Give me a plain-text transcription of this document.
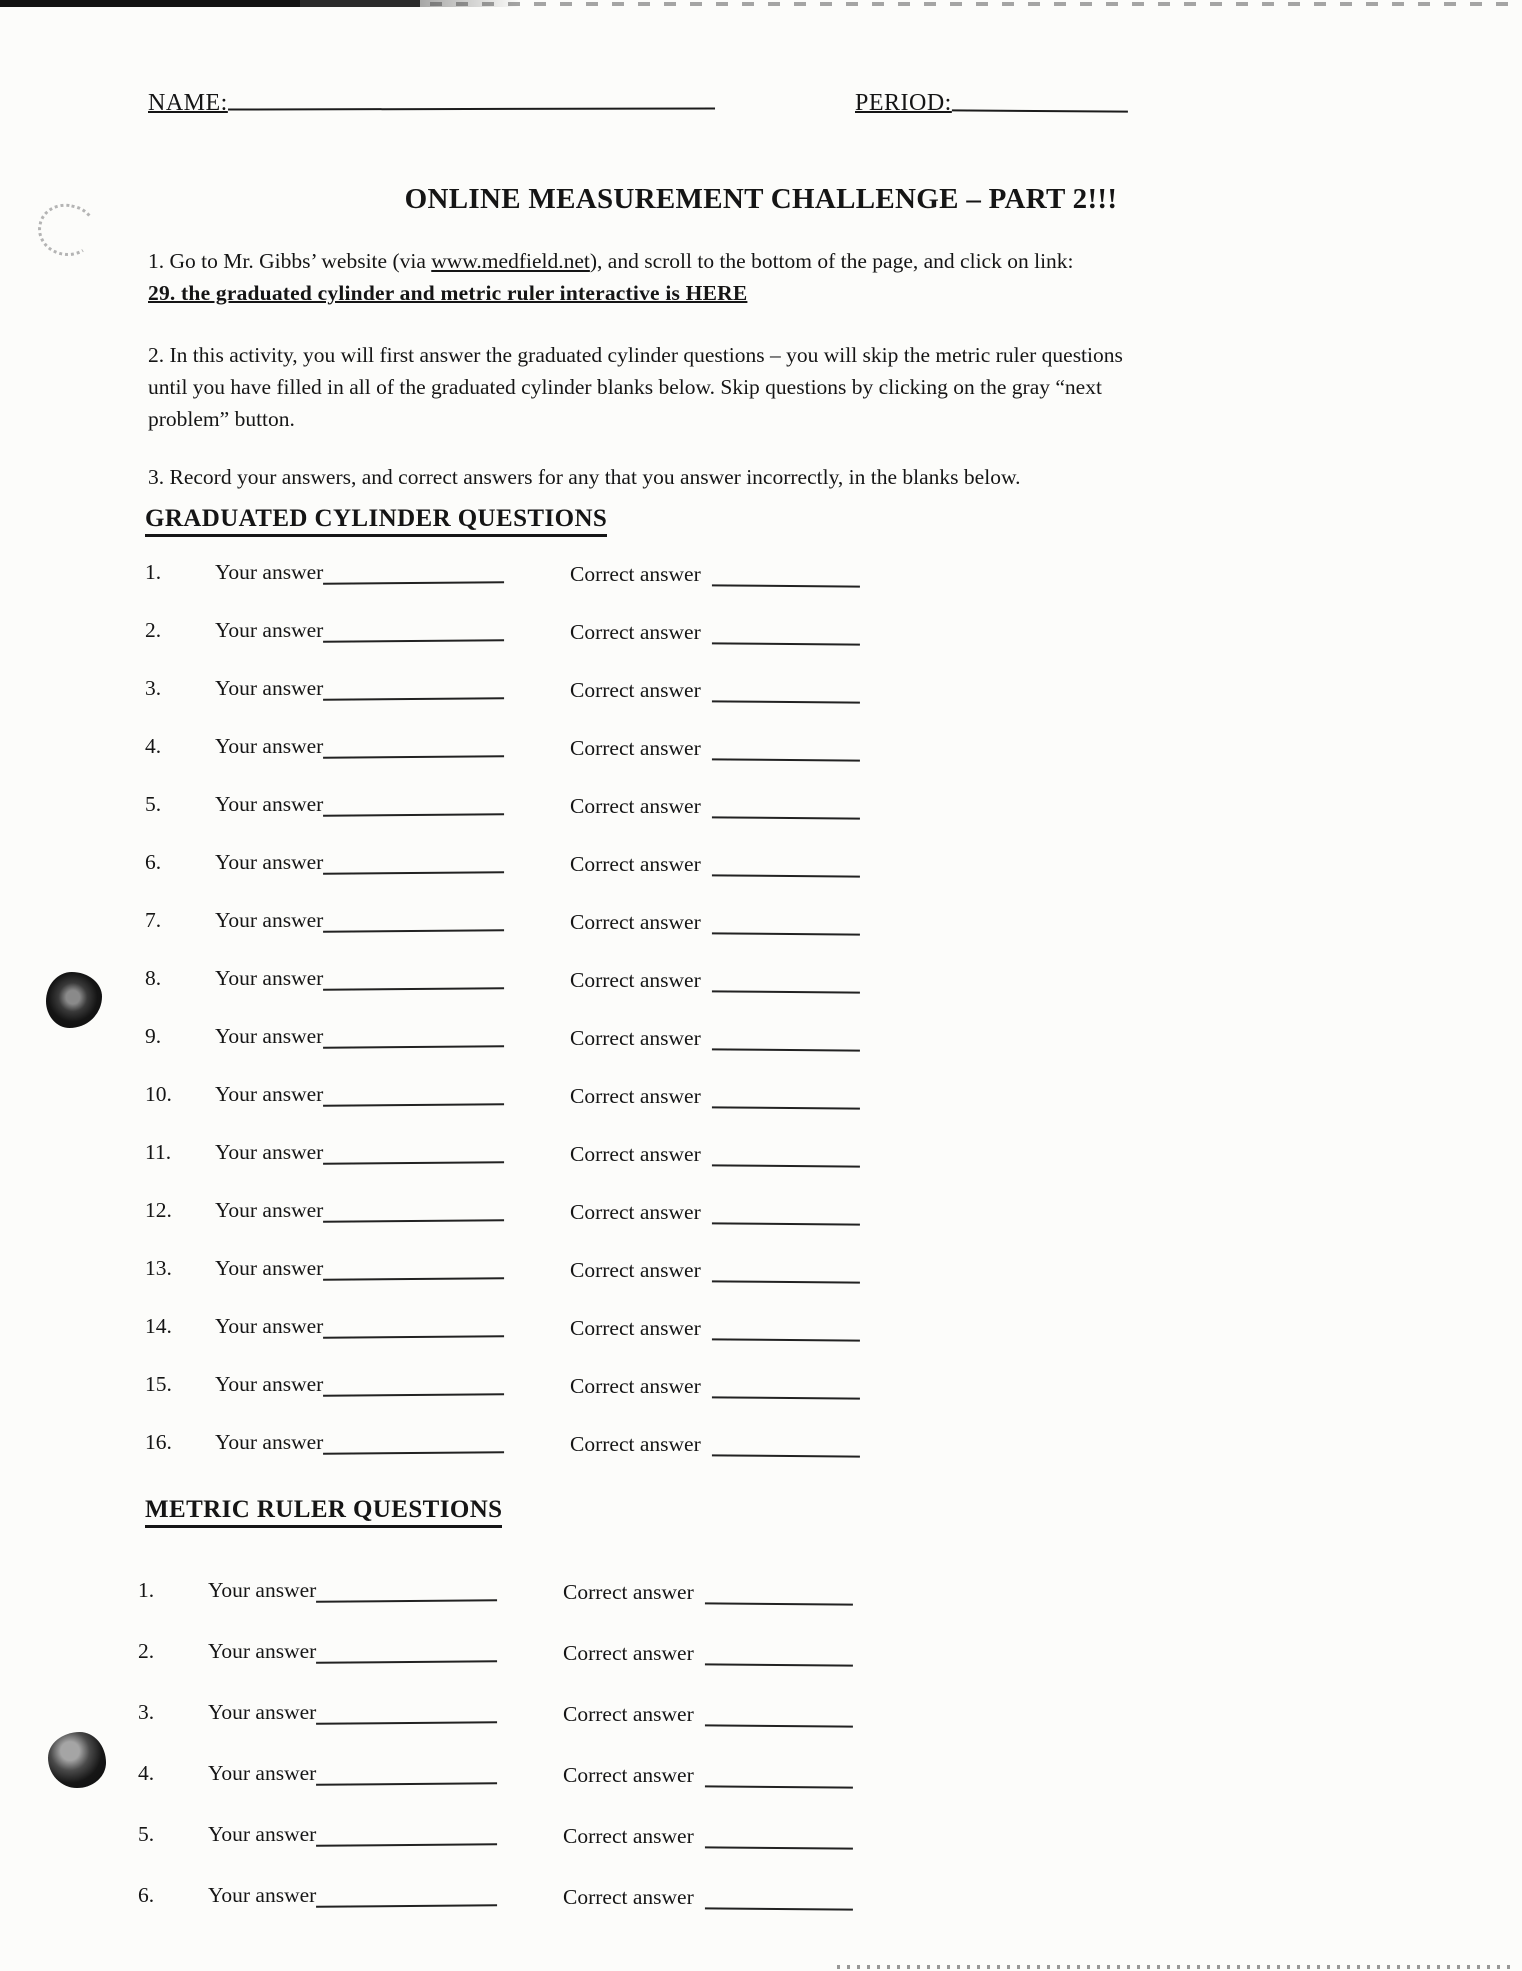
NAME:	PERIOD:
ONLINE MEASUREMENT CHALLENGE – PART 2!!!
1. Go to Mr. Gibbs’ website (via www.medfield.net), and scroll to the bottom of the page, and click on link:
29. the graduated cylinder and metric ruler interactive is HERE
2. In this activity, you will first answer the graduated cylinder questions – you will skip the metric ruler questions until you have filled in all of the graduated cylinder blanks below. Skip questions by clicking on the gray “next problem” button.
3. Record your answers, and correct answers for any that you answer incorrectly, in the blanks below.
GRADUATED CYLINDER QUESTIONS
1.	Your answer	Correct answer
2.	Your answer	Correct answer
3.	Your answer	Correct answer
4.	Your answer	Correct answer
5.	Your answer	Correct answer
6.	Your answer	Correct answer
7.	Your answer	Correct answer
8.	Your answer	Correct answer
9.	Your answer	Correct answer
10. Your answer	Correct answer
11. Your answer	Correct answer
12. Your answer	Correct answer
13. Your answer	Correct answer
14. Your answer	Correct answer
15. Your answer	Correct answer
16. Your answer	Correct answer
METRIC RULER QUESTIONS
1.	Your answer	Correct answer
2.	Your answer	Correct answer
3.	Your answer	Correct answer
4.	Your answer	Correct answer
5.	Your answer	Correct answer
6.	Your answer	Correct answer
